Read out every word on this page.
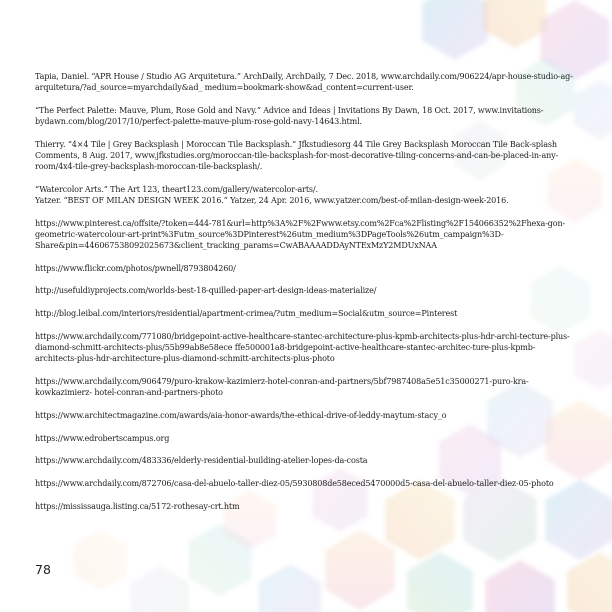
Tapia, Daniel. “APR House / Studio AG Arquitetura.” ArchDaily, ArchDaily, 7 Dec. 2018, www.archdaily.com/906224/apr-house-studio-ag-arquitetura/?ad_source=myarchdaily&ad_ medium=bookmark-show&ad_content=current-user.

“The Perfect Palette: Mauve, Plum, Rose Gold and Navy.” Advice and Ideas | Invitations By Dawn, 18 Oct. 2017, www.invitations-bydawn.com/blog/2017/10/perfect-palette-mauve-plum-rose-gold-navy-14643.html.

Thierry. “4×4 Tile | Grey Backsplash | Moroccan Tile Backsplash.” Jfkstudiesorg 44 Tile Grey Backsplash Moroccan Tile Back-splash Comments, 8 Aug. 2017, www.jfkstudies.org/moroccan-tile-backsplash-for-most-decorative-tiling-concerns-and-can-be-placed-in-any-room/4x4-tile-grey-backsplash-moroccan-tile-backsplash/.

“Watercolor Arts.” The Art 123, theart123.com/gallery/watercolor-arts/.

Yatzer. “BEST OF MILAN DESIGN WEEK 2016.” Yatzer, 24 Apr. 2016, www.yatzer.com/best-of-milan-design-week-2016.

https://www.pinterest.ca/offsite/?token=444-781&url=http%3A%2F%2Fwww.etsy.com%2Fca%2Flisting%2F154066352%2Fhexa-gon-geometric-watercolour-art-print%3Futm_source%3DPinterest%26utm_medium%3DPageTools%26utm_campaign%3D-Share&pin=446067538092025673&client_tracking_params=CwABAAAADDAyNTExMzY2MDUxNAA

https://www.flickr.com/photos/pwnell/8793804260/

http://usefuldiyprojects.com/worlds-best-18-quilled-paper-art-design-ideas-materialize/

http://blog.leibal.com/interiors/residential/apartment-crimea/?utm_medium=Social&utm_source=Pinterest

https://www.archdaily.com/771080/bridgepoint-active-healthcare-stantec-architecture-plus-kpmb-architects-plus-hdr-archi-tecture-plus-diamond-schmitt-architects-plus/55b99ab8e58ece ffe500001a8-bridgepoint-active-healthcare-stantec-architec-ture-plus-kpmb-architects-plus-hdr-architecture-plus-diamond-schmitt-architects-plus-photo

https://www.archdaily.com/906479/puro-krakow-kazimierz-hotel-conran-and-partners/5bf7987408a5e51c35000271-puro-kra-kowkazimierz- hotel-conran-and-partners-photo

https://www.architectmagazine.com/awards/aia-honor-awards/the-ethical-drive-of-leddy-maytum-stacy_o

https://www.edrobertscampus.org

https://www.archdaily.com/483336/elderly-residential-building-atelier-lopes-da-costa

https://www.archdaily.com/872706/casa-del-abuelo-taller-diez-05/5930808de58eced5470000d5-casa-del-abuelo-taller-diez-05-photo

https://mississauga.listing.ca/5172-rothesay-crt.htm

78
